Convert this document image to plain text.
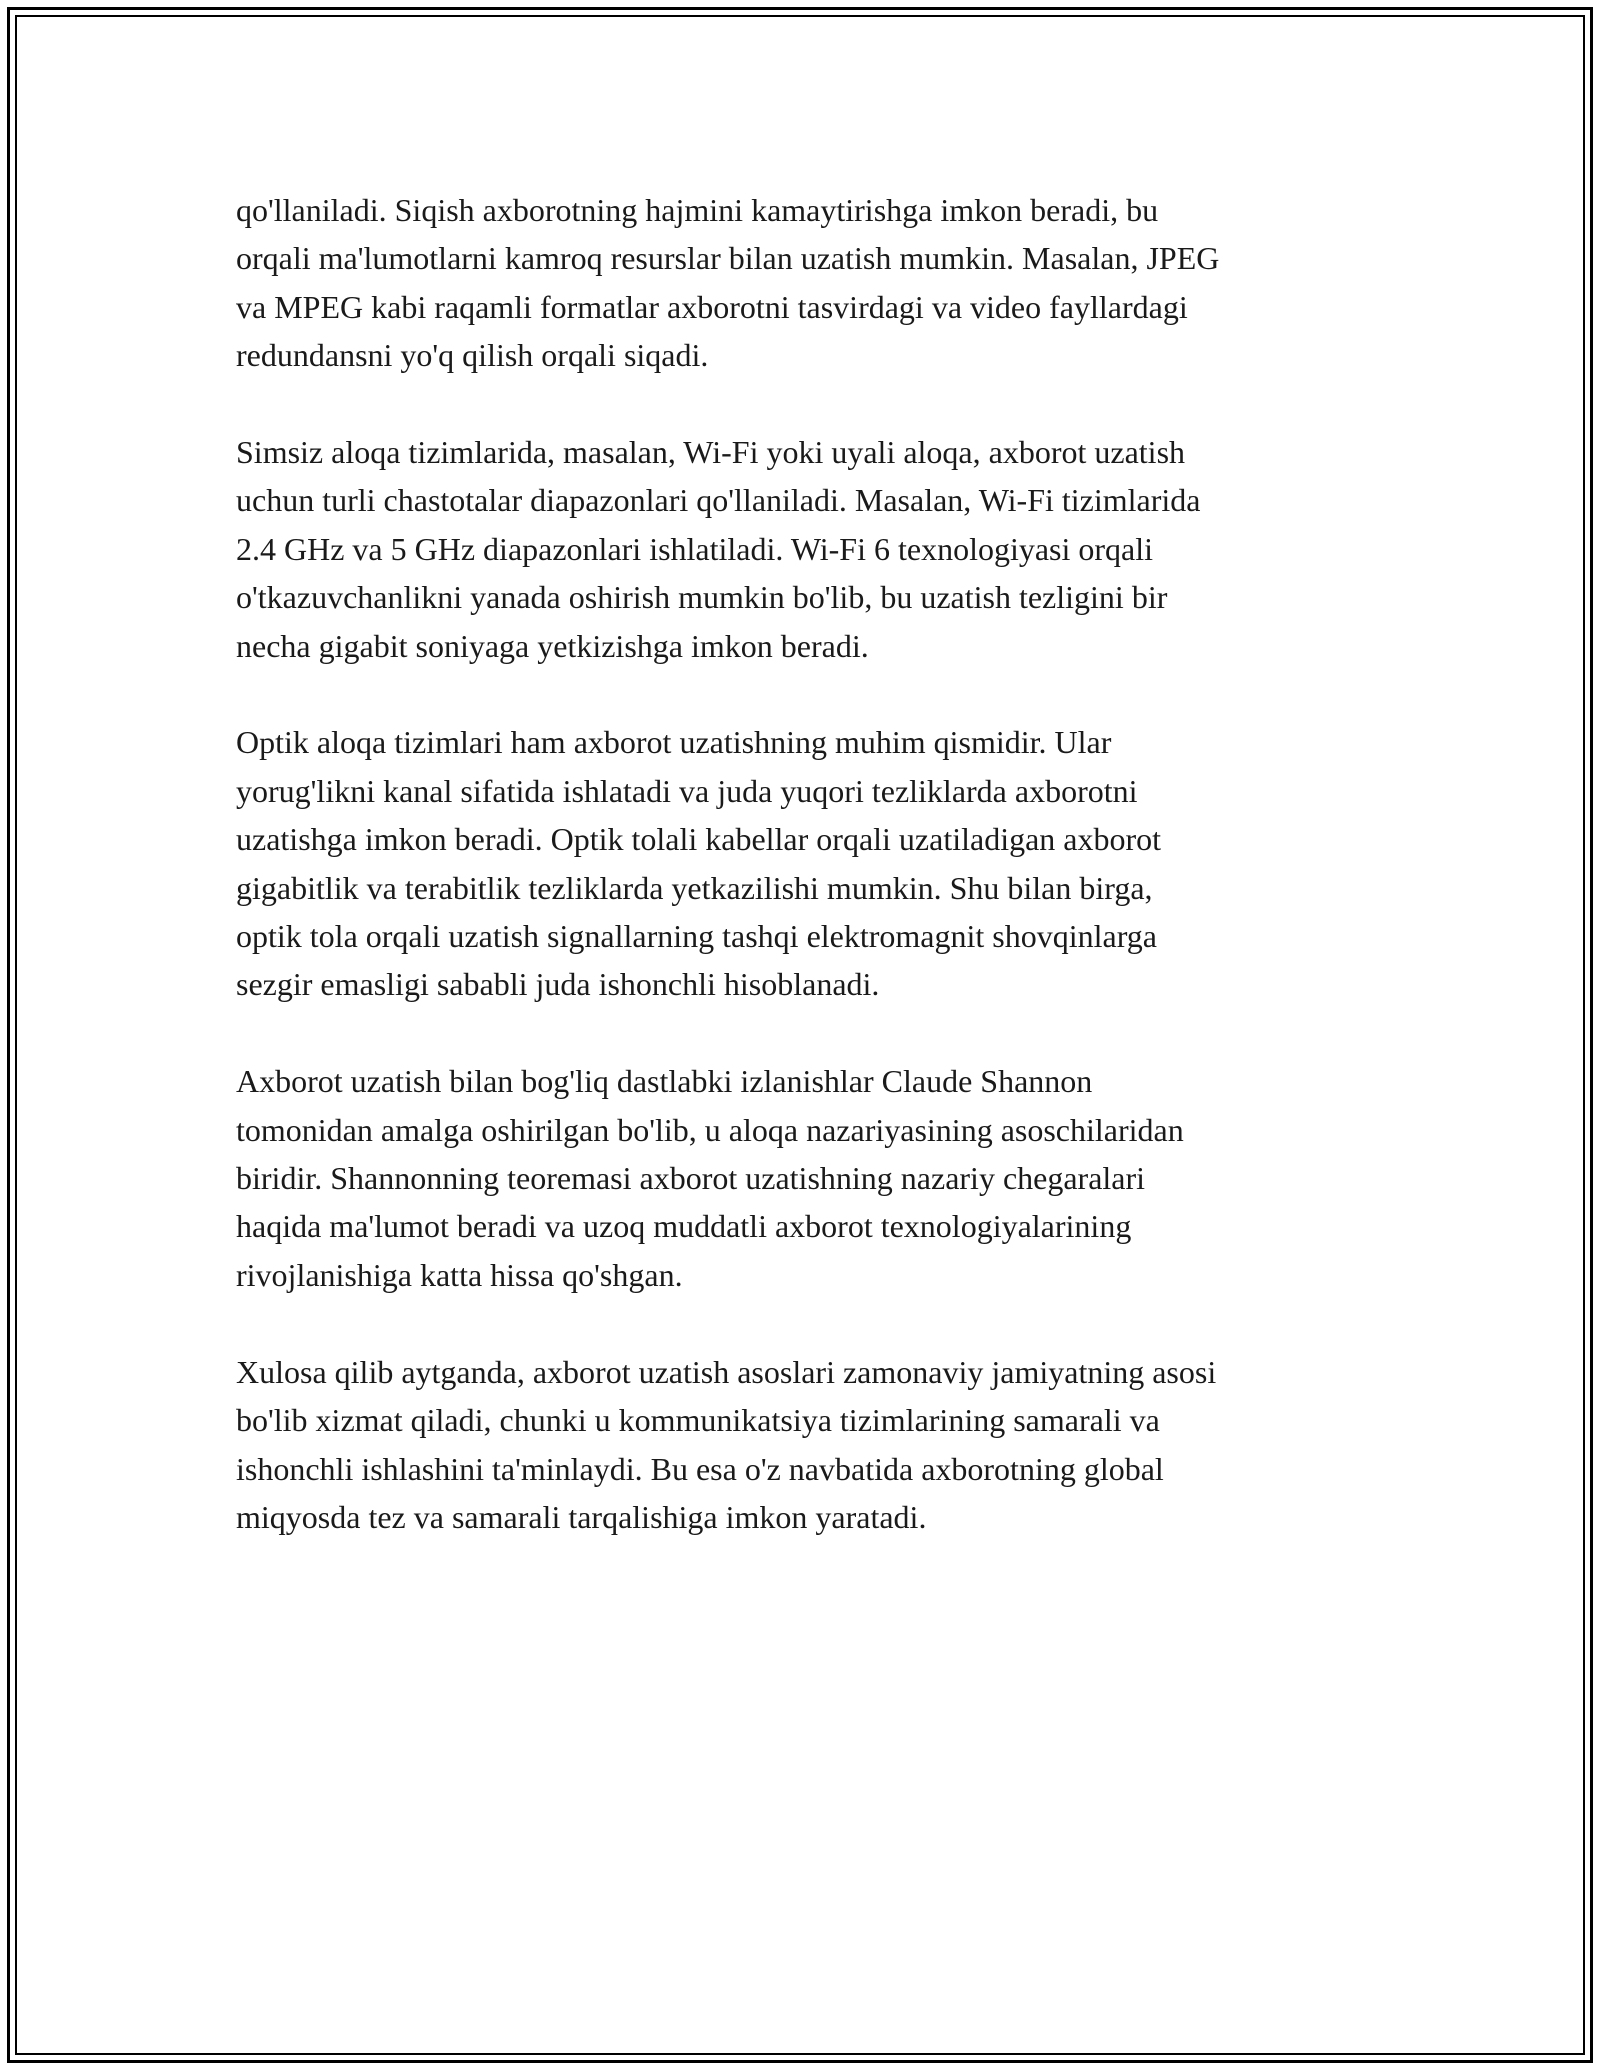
qo'llaniladi. Siqish axborotning hajmini kamaytirishga imkon beradi, bu
orqali ma'lumotlarni kamroq resurslar bilan uzatish mumkin. Masalan, JPEG
va MPEG kabi raqamli formatlar axborotni tasvirdagi va video fayllardagi
redundansni yo'q qilish orqali siqadi.

Simsiz aloqa tizimlarida, masalan, Wi-Fi yoki uyali aloqa, axborot uzatish
uchun turli chastotalar diapazonlari qo'llaniladi. Masalan, Wi-Fi tizimlarida
2.4 GHz va 5 GHz diapazonlari ishlatiladi. Wi-Fi 6 texnologiyasi orqali
o'tkazuvchanlikni yanada oshirish mumkin bo'lib, bu uzatish tezligini bir
necha gigabit soniyaga yetkizishga imkon beradi.

Optik aloqa tizimlari ham axborot uzatishning muhim qismidir. Ular
yorug'likni kanal sifatida ishlatadi va juda yuqori tezliklarda axborotni
uzatishga imkon beradi. Optik tolali kabellar orqali uzatiladigan axborot
gigabitlik va terabitlik tezliklarda yetkazilishi mumkin. Shu bilan birga,
optik tola orqali uzatish signallarning tashqi elektromagnit shovqinlarga
sezgir emasligi sababli juda ishonchli hisoblanadi.

Axborot uzatish bilan bog'liq dastlabki izlanishlar Claude Shannon
tomonidan amalga oshirilgan bo'lib, u aloqa nazariyasining asoschilaridan
biridir. Shannonning teoremasi axborot uzatishning nazariy chegaralari
haqida ma'lumot beradi va uzoq muddatli axborot texnologiyalarining
rivojlanishiga katta hissa qo'shgan.

Xulosa qilib aytganda, axborot uzatish asoslari zamonaviy jamiyatning asosi
bo'lib xizmat qiladi, chunki u kommunikatsiya tizimlarining samarali va
ishonchli ishlashini ta'minlaydi. Bu esa o'z navbatida axborotning global
miqyosda tez va samarali tarqalishiga imkon yaratadi.
